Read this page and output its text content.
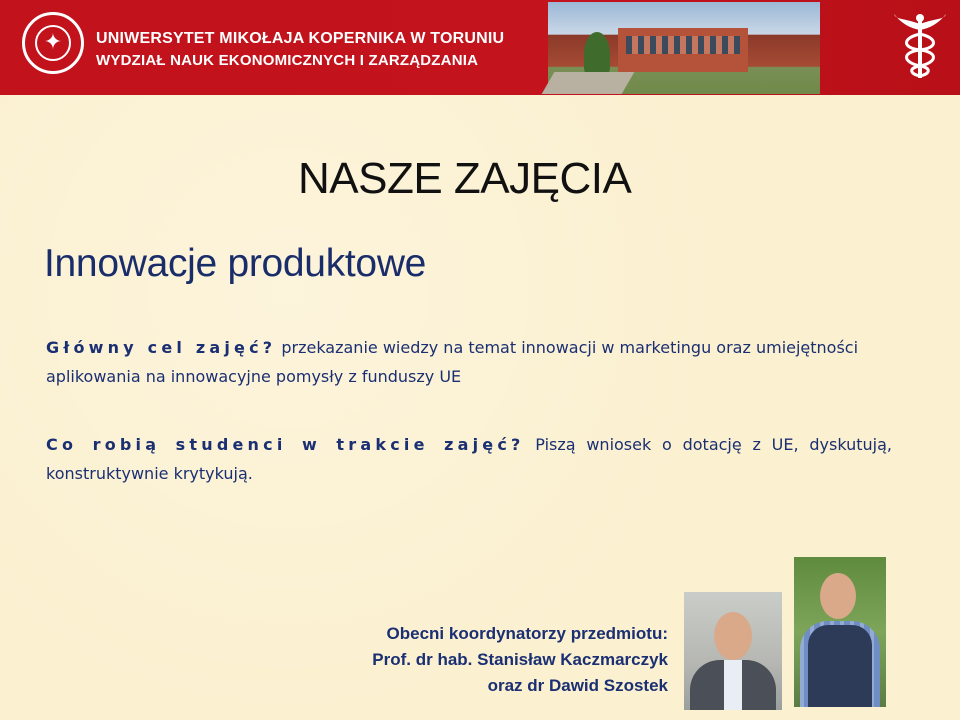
✦	UNIWERSYTET MIKOŁAJA KOPERNIKA W TORUNIU
WYDZIAŁ NAUK EKONOMICZNYCH I ZARZĄDZANIA
NASZE ZAJĘCIA
Innowacje produktowe
Główny cel zajęć? przekazanie wiedzy na temat innowacji w marketingu oraz umiejętności aplikowania na innowacyjne pomysły z funduszy UE
Co robią studenci w trakcie zajęć? Piszą wniosek o dotację z UE, dyskutują, konstruktywnie krytykują.
Obecni koordynatorzy przedmiotu:
Prof. dr hab. Stanisław Kaczmarczyk
oraz dr Dawid Szostek
